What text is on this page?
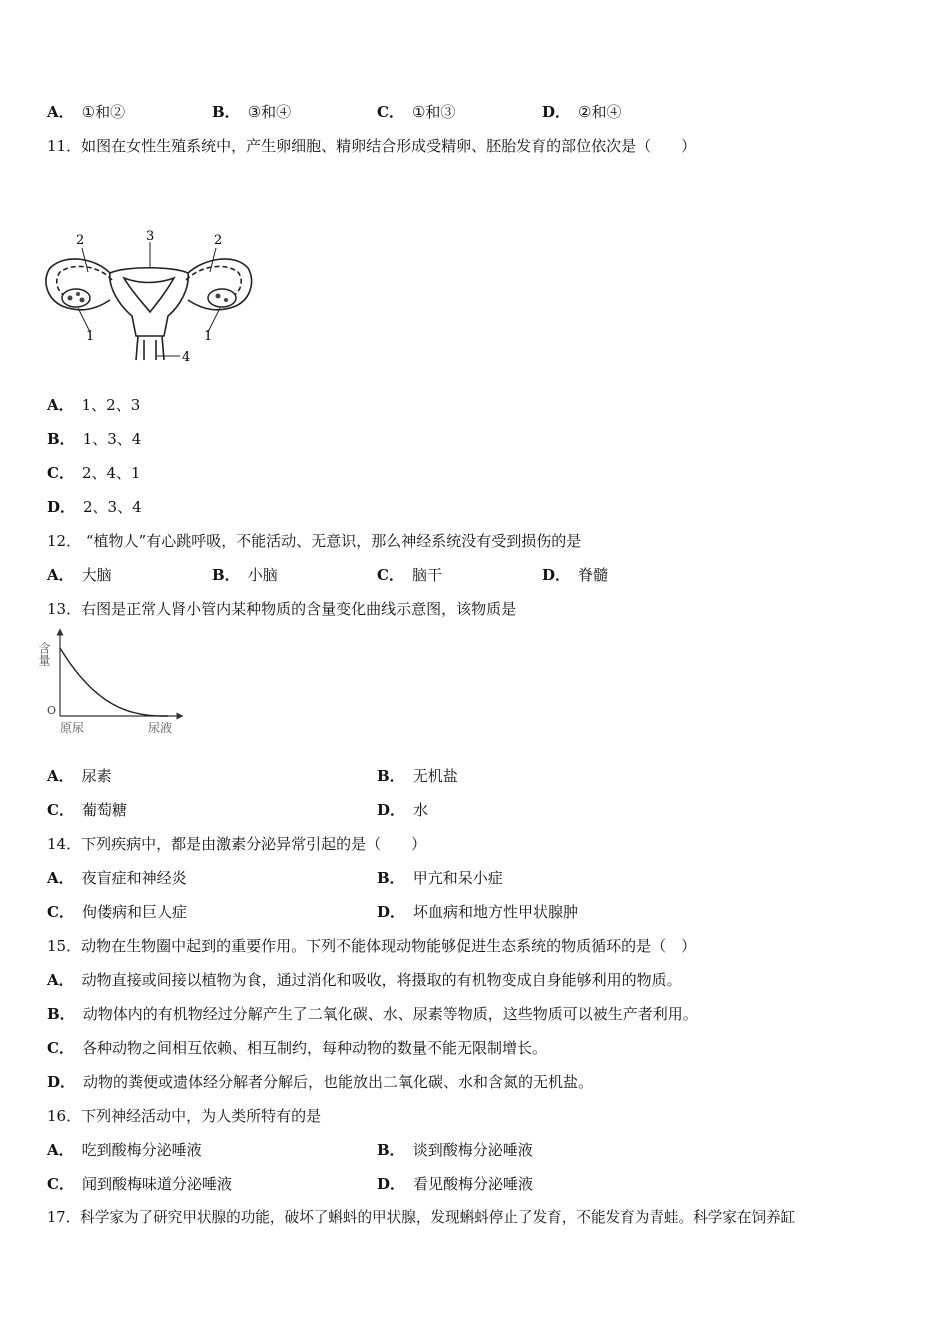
A． ①和②	B． ③和④	C． ①和③	D． ②和④
11．如图在女性生殖系统中，产生卵细胞、精卵结合形成受精卵、胚胎发育的部位依次是（　　）
2	3	2
1	1
4
A． 1、2、3
B． 1、3、4
C． 2、4、1
D． 2、3、4
12． “植物人”有心跳呼吸，不能活动、无意识，那么神经系统没有受到损伤的是
A． 大脑	B． 小脑	C． 脑干	D． 脊髓
13．右图是正常人肾小管内某种物质的含量变化曲线示意图，该物质是
含量
O
原尿	尿液
A． 尿素	B． 无机盐
C． 葡萄糖	D． 水
14．下列疾病中，都是由激素分泌异常引起的是（　　）
A． 夜盲症和神经炎	B． 甲亢和呆小症
C． 佝偻病和巨人症	D． 坏血病和地方性甲状腺肿
15．动物在生物圈中起到的重要作用。下列不能体现动物能够促进生态系统的物质循环的是（　）
A． 动物直接或间接以植物为食，通过消化和吸收，将摄取的有机物变成自身能够利用的物质。
B． 动物体内的有机物经过分解产生了二氧化碳、水、尿素等物质，这些物质可以被生产者利用。
C． 各种动物之间相互依赖、相互制约，每种动物的数量不能无限制增长。
D． 动物的粪便或遗体经分解者分解后，也能放出二氧化碳、水和含氮的无机盐。
16．下列神经活动中，为人类所特有的是
A． 吃到酸梅分泌唾液	B． 谈到酸梅分泌唾液
C． 闻到酸梅味道分泌唾液	D． 看见酸梅分泌唾液
17．科学家为了研究甲状腺的功能，破坏了蝌蚪的甲状腺，发现蝌蚪停止了发育，不能发育为青蛙。科学家在饲养缸
